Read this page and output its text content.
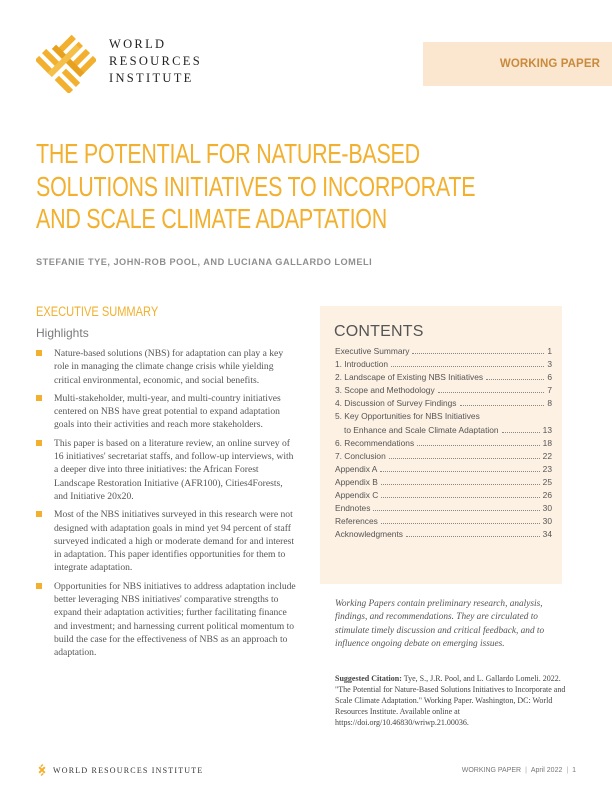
WORLD
RESOURCES
INSTITUTE
WORKING PAPER
THE POTENTIAL FOR NATURE-BASED
SOLUTIONS INITIATIVES TO INCORPORATE
AND SCALE CLIMATE ADAPTATION
STEFANIE TYE, JOHN-ROB POOL, AND LUCIANA GALLARDO LOMELI
EXECUTIVE SUMMARY
Highlights
Nature-based solutions (NBS) for adaptation can play a key role in managing the climate change crisis while yielding critical environmental, economic, and social benefits.
Multi-stakeholder, multi-year, and multi-country initiatives centered on NBS have great potential to expand adaptation goals into their activities and reach more stakeholders.
This paper is based on a literature review, an online survey of 16 initiatives' secretariat staffs, and follow-up interviews, with a deeper dive into three initiatives: the African Forest Landscape Restoration Initiative (AFR100), Cities4Forests, and Initiative 20x20.
Most of the NBS initiatives surveyed in this research were not designed with adaptation goals in mind yet 94 percent of staff surveyed indicated a high or moderate demand for and interest in adaptation. This paper identifies opportunities for them to integrate adaptation.
Opportunities for NBS initiatives to address adaptation include better leveraging NBS initiatives' comparative strengths to expand their adaptation activities; further facilitating finance and investment; and harnessing current political momentum to build the case for the effectiveness of NBS as an approach to adaptation.
CONTENTS
Executive Summary	1
1. Introduction	3
2. Landscape of Existing NBS Initiatives	6
3. Scope and Methodology	7
4. Discussion of Survey Findings	8
5. Key Opportunities for NBS Initiatives
to Enhance and Scale Climate Adaptation	13
6. Recommendations	18
7. Conclusion	22
Appendix A	23
Appendix B	25
Appendix C	26
Endnotes	30
References	30
Acknowledgments	34
Working Papers contain preliminary research, analysis, findings, and recommendations. They are circulated to stimulate timely discussion and critical feedback, and to influence ongoing debate on emerging issues.
Suggested Citation: Tye, S., J.R. Pool, and L. Gallardo Lomeli. 2022. "The Potential for Nature-Based Solutions Initiatives to Incorporate and Scale Climate Adaptation." Working Paper. Washington, DC: World Resources Institute. Available online at https://doi.org/10.46830/wriwp.21.00036.
WORLD RESOURCES INSTITUTE	WORKING PAPER | April 2022 | 1
